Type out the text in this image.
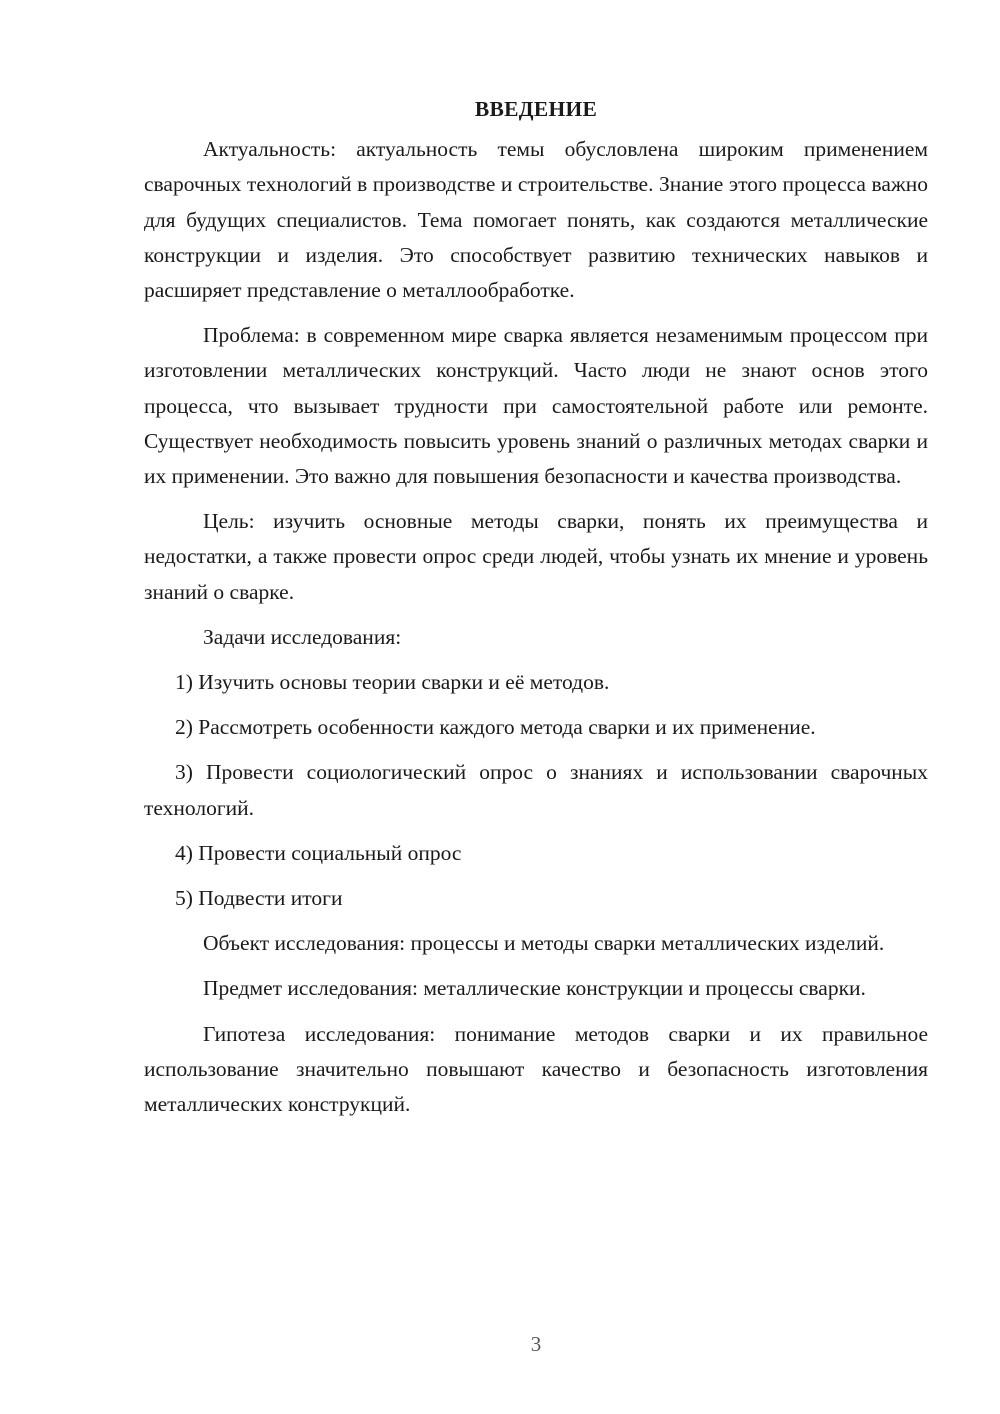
ВВЕДЕНИЕ

Актуальность: актуальность темы обусловлена широким применением сварочных технологий в производстве и строительстве. Знание этого процесса важно для будущих специалистов. Тема помогает понять, как создаются металлические конструкции и изделия. Это способствует развитию технических навыков и расширяет представление о металлообработке.

Проблема: в современном мире сварка является незаменимым процессом при изготовлении металлических конструкций. Часто люди не знают основ этого процесса, что вызывает трудности при самостоятельной работе или ремонте. Существует необходимость повысить уровень знаний о различных методах сварки и их применении. Это важно для повышения безопасности и качества производства.

Цель: изучить основные методы сварки, понять их преимущества и недостатки, а также провести опрос среди людей, чтобы узнать их мнение и уровень знаний о сварке.

Задачи исследования:

1) Изучить основы теории сварки и её методов.

2) Рассмотреть особенности каждого метода сварки и их применение.

3) Провести социологический опрос о знаниях и использовании сварочных технологий.

4) Провести социальный опрос

5) Подвести итоги

Объект исследования: процессы и методы сварки металлических изделий.

Предмет исследования: металлические конструкции и процессы сварки.

Гипотеза исследования: понимание методов сварки и их правильное использование значительно повышают качество и безопасность изготовления металлических конструкций.

3
